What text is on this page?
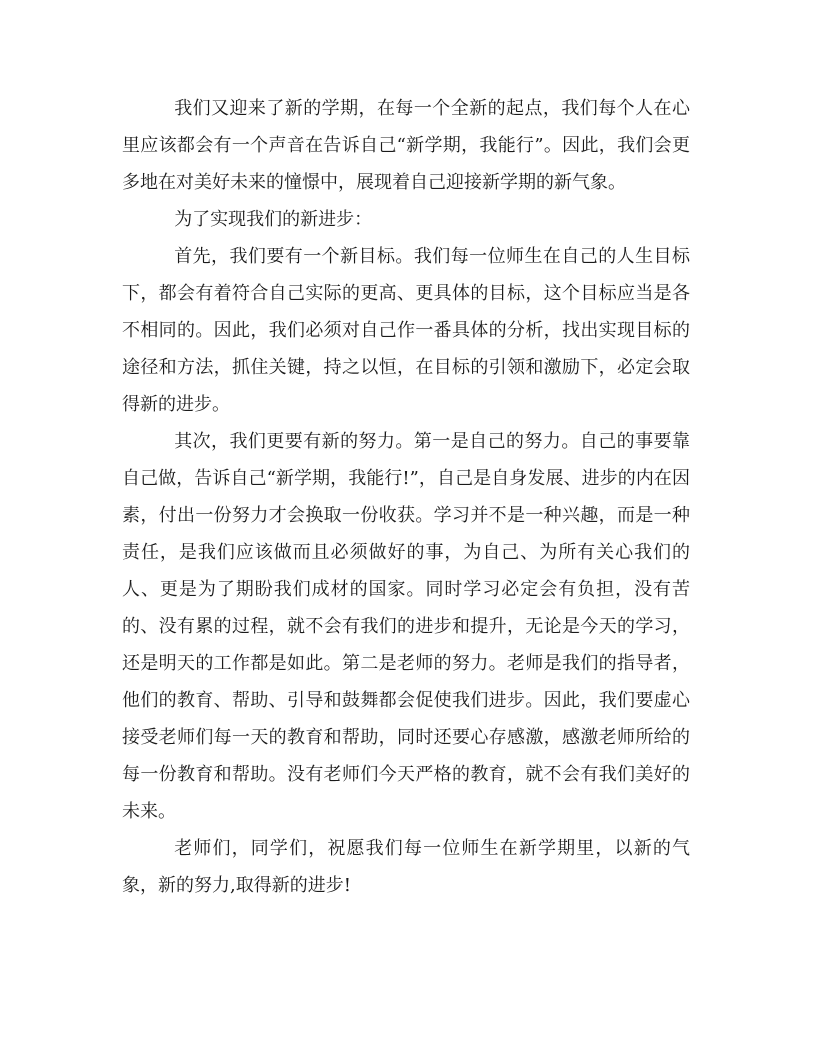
我们又迎来了新的学期，在每一个全新的起点，我们每个人在心里应该都会有一个声音在告诉自己“新学期，我能行”。因此，我们会更多地在对美好未来的憧憬中，展现着自己迎接新学期的新气象。

为了实现我们的新进步：

首先，我们要有一个新目标。我们每一位师生在自己的人生目标下，都会有着符合自己实际的更高、更具体的目标，这个目标应当是各不相同的。因此，我们必须对自己作一番具体的分析，找出实现目标的途径和方法，抓住关键，持之以恒，在目标的引领和激励下，必定会取得新的进步。

其次，我们更要有新的努力。第一是自己的努力。自己的事要靠自己做，告诉自己“新学期，我能行!”，自己是自身发展、进步的内在因素，付出一份努力才会换取一份收获。学习并不是一种兴趣，而是一种责任，是我们应该做而且必须做好的事，为自己、为所有关心我们的人、更是为了期盼我们成材的国家。同时学习必定会有负担，没有苦的、没有累的过程，就不会有我们的进步和提升，无论是今天的学习，还是明天的工作都是如此。第二是老师的努力。老师是我们的指导者，他们的教育、帮助、引导和鼓舞都会促使我们进步。因此，我们要虚心接受老师们每一天的教育和帮助，同时还要心存感激，感激老师所给的每一份教育和帮助。没有老师们今天严格的教育，就不会有我们美好的未来。

老师们，同学们，祝愿我们每一位师生在新学期里，以新的气象，新的努力,取得新的进步!
